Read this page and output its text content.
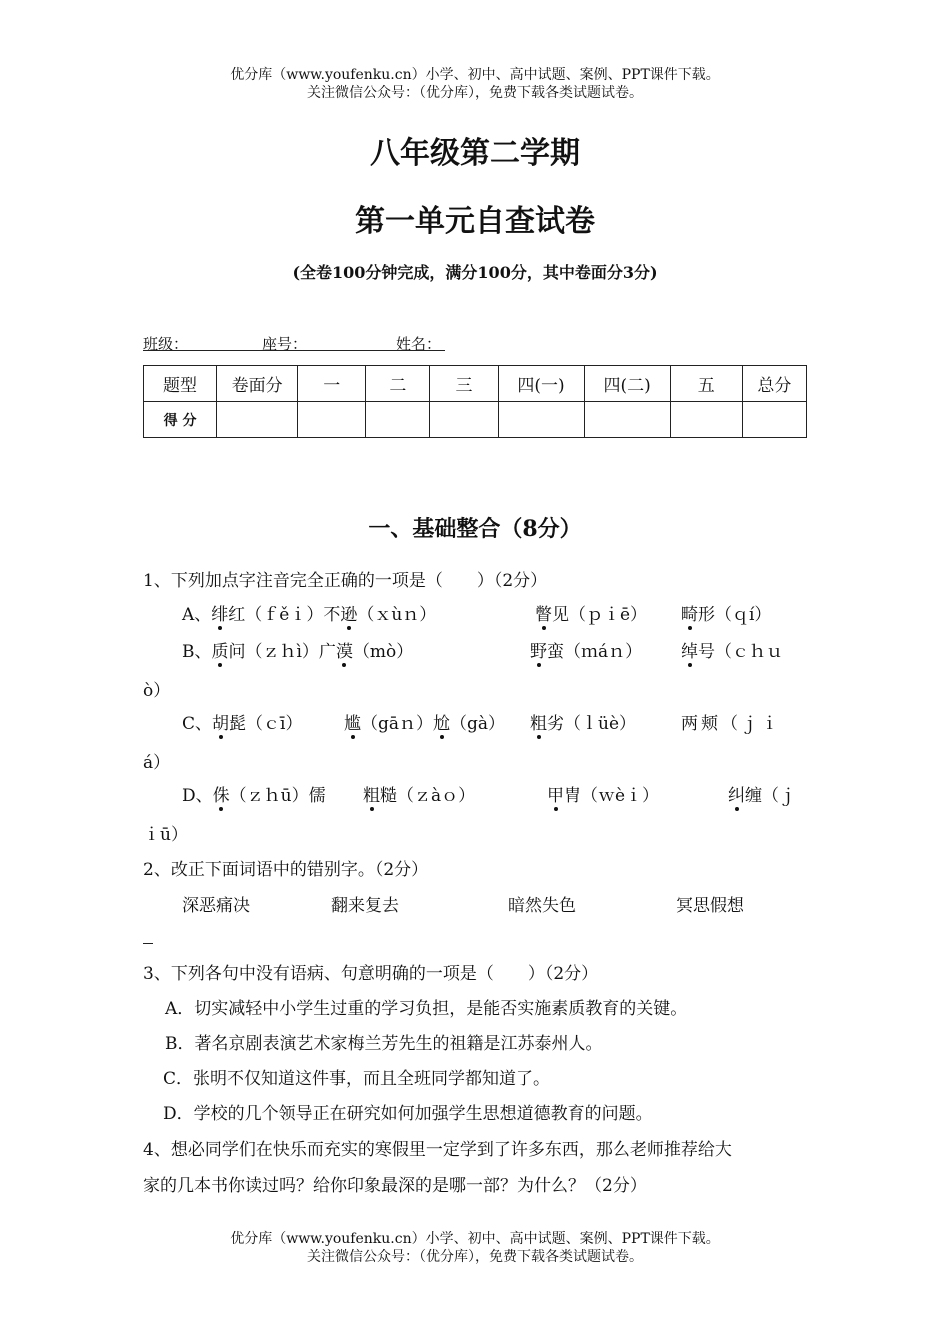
优分库（www.youfenku.cn）小学、初中、高中试题、案例、PPT课件下载。
关注微信公众号：（优分库），免费下载各类试题试卷。
八年级第二学期
第一单元自查试卷
(全卷100分钟完成，满分100分，其中卷面分3分)
班级：	座号：	姓名：
题型	卷面分	一	二	三	四(一)	四(二)	五	总分
得 分								
一、基础整合（8分）
1、下列加点字注音完全正确的一项是（　　）（2分）
A、绯红（ｆěｉ）不逊（ｘùｎ）	瞥见（ｐｉē） 畸形（ｑí）
B、质问（ｚｈì）广漠（mò）	野蛮（ｍáｎ） 绰号（ｃｈｕ
ò）
C、胡髭（ｃī） 尴（gāｎ）尬（gà） 粗劣（ｌüè）	两颊（ｊｉ
á）
D、侏（ｚｈū）儒 粗糙（ｚàｏ）	甲胄（ｗèｉ）	纠缠（ｊ
ｉū）
2、改正下面词语中的错别字。（2分）
深恶痛决	翻来复去	暗然失色	冥思假想
3、下列各句中没有语病、句意明确的一项是（　　）（2分）
A．切实减轻中小学生过重的学习负担，是能否实施素质教育的关键。
B．著名京剧表演艺术家梅兰芳先生的祖籍是江苏泰州人。
C．张明不仅知道这件事，而且全班同学都知道了。
D．学校的几个领导正在研究如何加强学生思想道德教育的问题。
4、想必同学们在快乐而充实的寒假里一定学到了许多东西，那么老师推荐给大
家的几本书你读过吗？给你印象最深的是哪一部？为什么？（2分）
优分库（www.youfenku.cn）小学、初中、高中试题、案例、PPT课件下载。
关注微信公众号：（优分库），免费下载各类试题试卷。
